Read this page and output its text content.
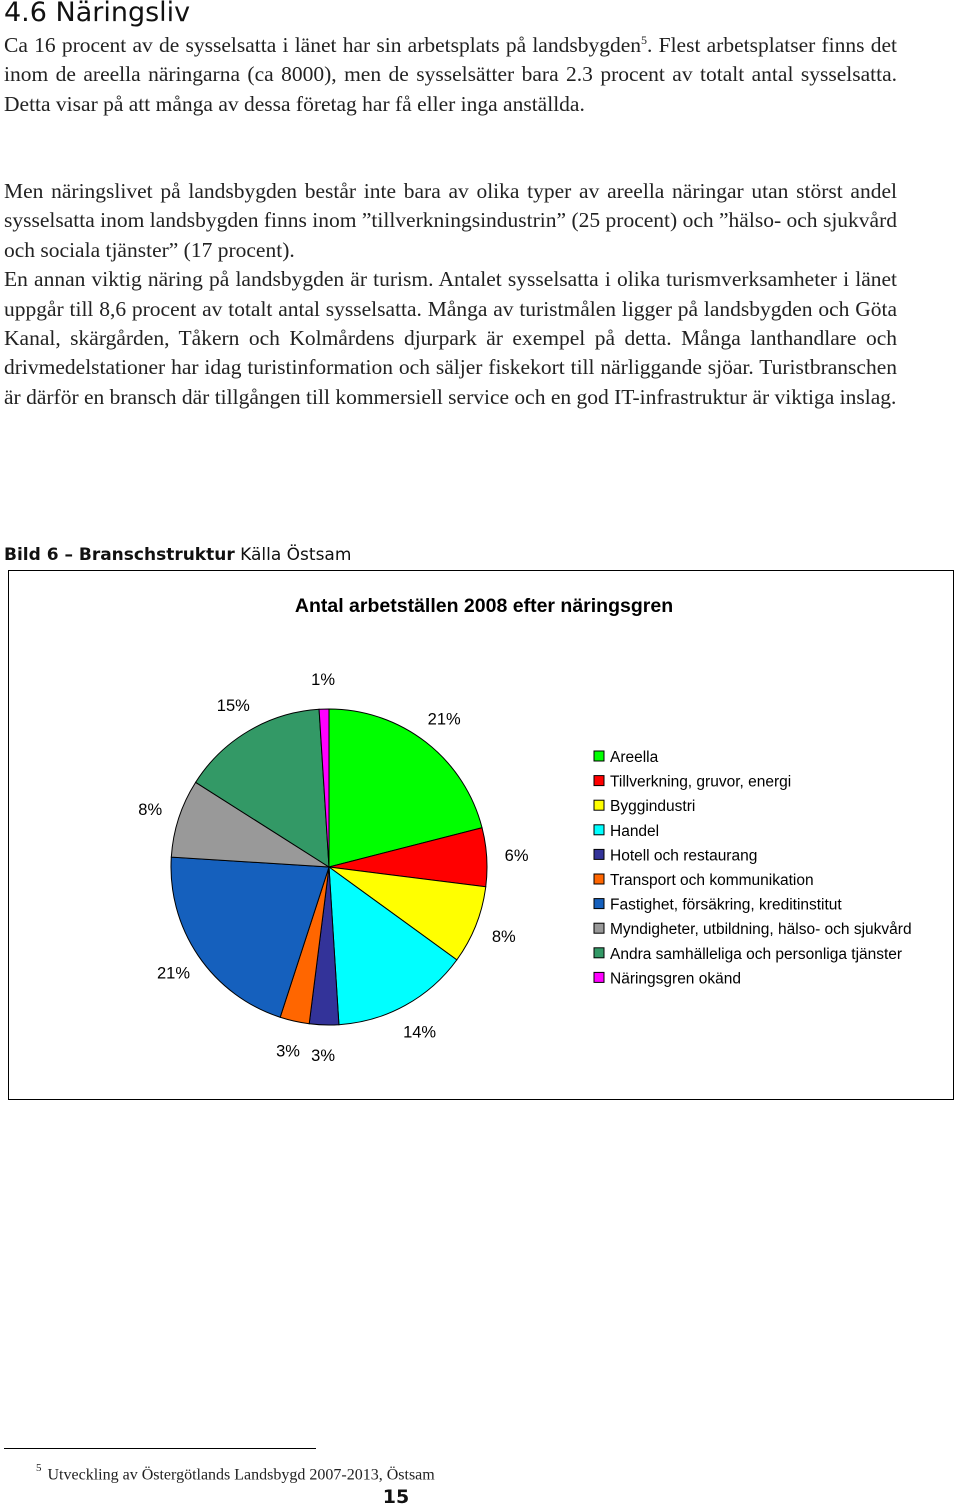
4.6 Näringsliv

Ca 16 procent av de sysselsatta i länet har sin arbetsplats på landsbygden$^5$. Flest arbetsplatser finns det inom de areella näringarna (ca 8000), men de sysselsätter bara 2.3 procent av totalt antal sysselsatta. Detta visar på att många av dessa företag har få eller inga anställda.

Men näringslivet på landsbygden består inte bara av olika typer av areella näringar utan störst andel sysselsatta inom landsbygden finns inom ”tillverkningsindustrin” (25 procent) och ”hälso- och sjukvård och sociala tjänster” (17 procent).
En annan viktig näring på landsbygden är turism. Antalet sysselsatta i olika turismverksamheter i länet uppgår till 8,6 procent av totalt antal sysselsatta. Många av turistmålen ligger på landsbygden och Göta Kanal, skärgården, Tåkern och Kolmårdens djurpark är exempel på detta. Många lanthandlare och drivmedelstationer har idag turistinformation och säljer fiskekort till närliggande sjöar. Turistbranschen är därför en bransch där tillgången till kommersiell service och en god IT-infrastruktur är viktiga inslag.

Bild 6 – Branschstruktur Källa Östsam

Antal arbetställen 2008 efter näringsgren
21%
6%
8%
14%
3%
3%
21%
8%
15%
1%
Areella
Tillverkning, gruvor, energi
Byggindustri
Handel
Hotell och restaurang
Transport och kommunikation
Fastighet, försäkring, kreditinstitut
Myndigheter, utbildning, hälso- och sjukvård
Andra samhälleliga och personliga tjänster
Näringsgren okänd

$^5$ Utveckling av Östergötlands Landsbygd 2007-2013, Östsam

15
